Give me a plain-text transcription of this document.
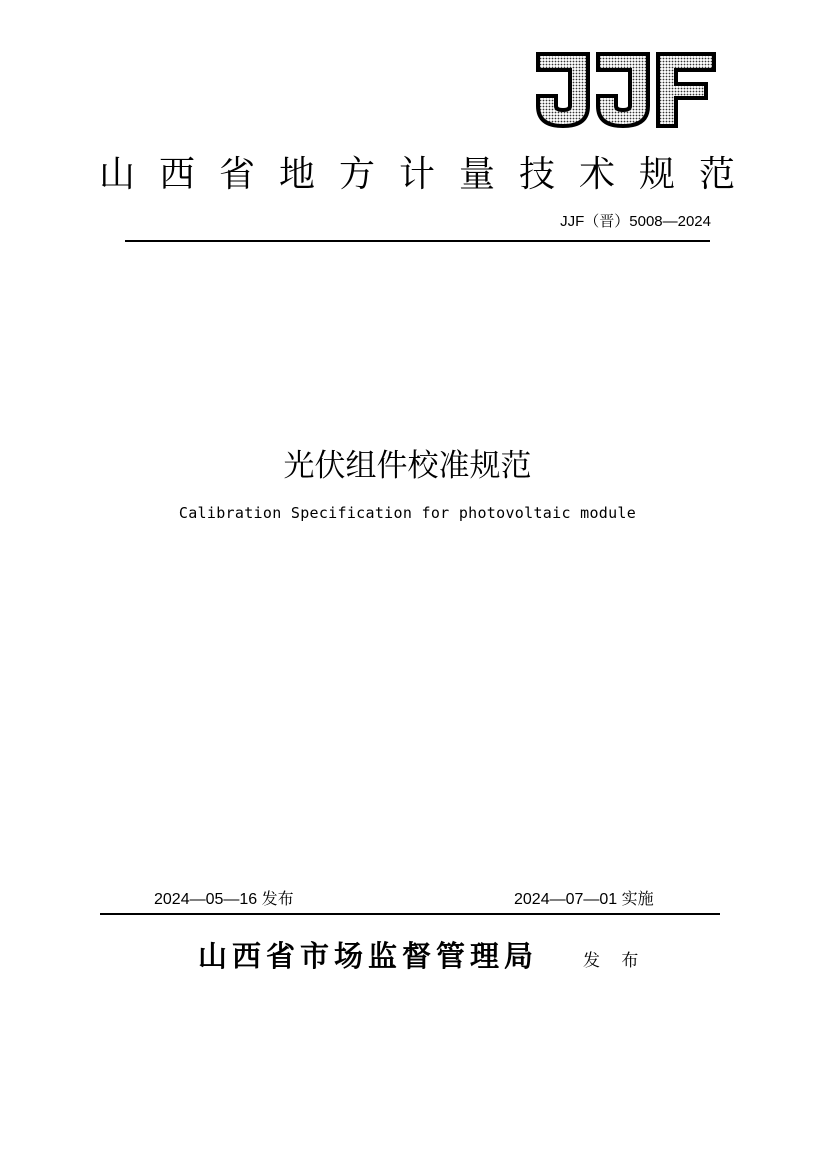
山 西 省 地 方 计 量 技 术 规 范
JJF（晋）5008—2024
光伏组件校准规范
Calibration Specification for photovoltaic module
2024—05—16 发布	2024—07—01 实施
山西省市场监督管理局	发 布
